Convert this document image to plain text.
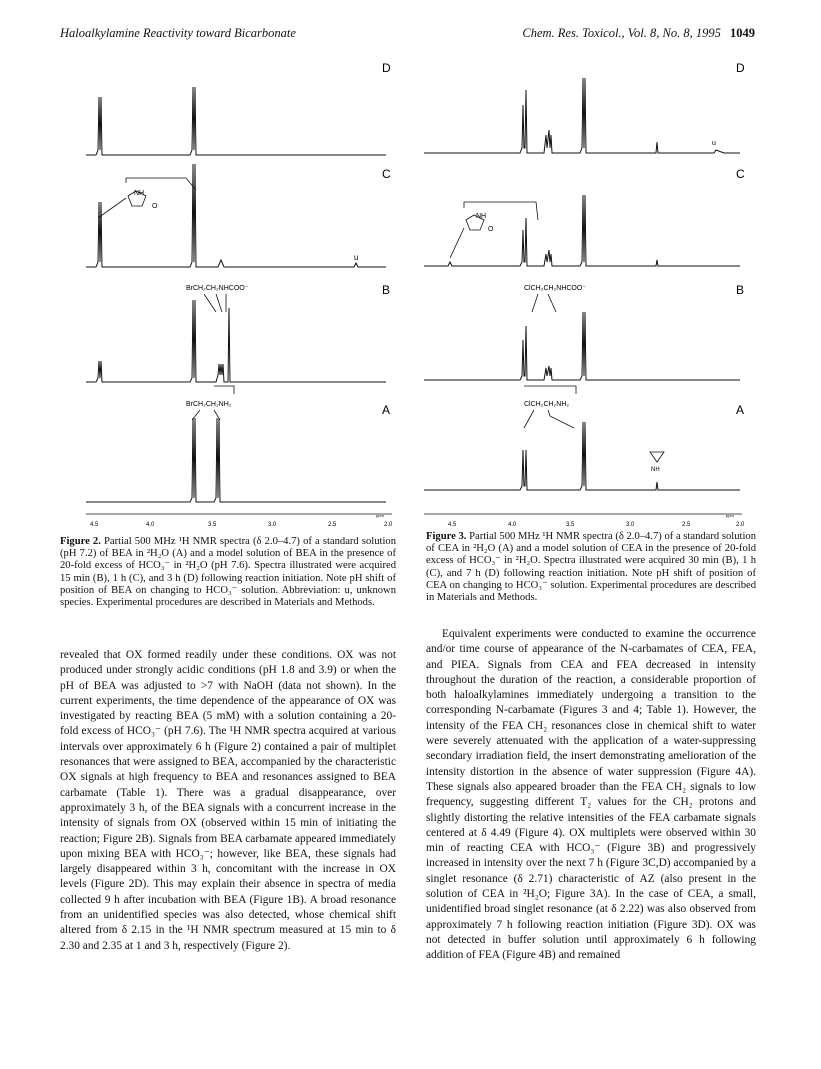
Haloalkylamine Reactivity toward Bicarbonate	Chem. Res. Toxicol., Vol. 8, No. 8, 1995 1049
D
C
B
A
u
NH
O
BrCH₂CH₂NHCOO⁻
BrCH₂CH₂NH₂
4.5	4.0	3.5	3.0	2.5	2.0
ppm
D
C
B
A
u
NH
O
ClCH₂CH₂NHCOO⁻
ClCH₂CH₂NH₂
NH
4.5	4.0	3.5	3.0	2.5	2.0
ppm
Figure 2. Partial 500 MHz ¹H NMR spectra (δ 2.0–4.7) of a standard solution (pH 7.2) of BEA in ²H₂O (A) and a model solution of BEA in the presence of 20-fold excess of HCO₃⁻ in ²H₂O (pH 7.6). Spectra illustrated were acquired 15 min (B), 1 h (C), and 3 h (D) following reaction initiation. Note pH shift of position of BEA on changing to HCO₃⁻ solution. Abbreviation: u, unknown species. Experimental procedures are described in Materials and Methods.
Figure 3. Partial 500 MHz ¹H NMR spectra (δ 2.0–4.7) of a standard solution of CEA in ²H₂O (A) and a model solution of CEA in the presence of 20-fold excess of HCO₃⁻ in ²H₂O. Spectra illustrated were acquired 30 min (B), 1 h (C), and 7 h (D) following reaction initiation. Note pH shift of position of CEA on changing to HCO₃⁻ solution. Experimental procedures are described in Materials and Methods.

revealed that OX formed readily under these conditions. OX was not produced under strongly acidic conditions (pH 1.8 and 3.9) or when the pH of BEA was adjusted to >7 with NaOH (data not shown). In the current experiments, the time dependence of the appearance of OX was investigated by reacting BEA (5 mM) with a solution containing a 20-fold excess of HCO₃⁻ (pH 7.6). The ¹H NMR spectra acquired at various intervals over approximately 6 h (Figure 2) contained a pair of multiplet resonances that were assigned to BEA, accompanied by the characteristic OX signals at high frequency to BEA and resonances assigned to BEA carbamate (Table 1). There was a gradual disappearance, over approximately 3 h, of the BEA signals with a concurrent increase in the intensity of signals from OX (observed within 15 min of initiating the reaction; Figure 2B). Signals from BEA carbamate appeared immediately upon mixing BEA with HCO₃⁻; however, like BEA, these signals had largely disappeared within 3 h, concomitant with the increase in OX levels (Figure 2D). This may explain their absence in spectra of media collected 9 h after incubation with BEA (Figure 1B). A broad resonance from an unidentified species was also detected, whose chemical shift altered from δ 2.15 in the ¹H NMR spectrum measured at 15 min to δ 2.30 and 2.35 at 1 and 3 h, respectively (Figure 2).

Equivalent experiments were conducted to examine the occurrence and/or time course of appearance of the N-carbamates of CEA, FEA, and PIEA. Signals from CEA and FEA decreased in intensity throughout the duration of the reaction, a considerable proportion of both haloalkylamines immediately undergoing a transition to the corresponding N-carbamate (Figures 3 and 4; Table 1). However, the intensity of the FEA CH₂ resonances close in chemical shift to water were severely attenuated with the application of a water-suppressing secondary irradiation field, the insert demonstrating amelioration of the intensity distortion in the absence of water suppression (Figure 4A). These signals also appeared broader than the FEA CH₂ signals to low frequency, suggesting different T₂ values for the CH₂ protons and slightly distorting the relative intensities of the FEA carbamate signals centered at δ 4.49 (Figure 4). OX multiplets were observed within 30 min of reacting CEA with HCO₃⁻ (Figure 3B) and progressively increased in intensity over the next 7 h (Figure 3C,D) accompanied by a singlet resonance (δ 2.71) characteristic of AZ (also present in the solution of CEA in ²H₂O; Figure 3A). In the case of CEA, a small, unidentified broad singlet resonance (at δ 2.22) was also observed from approximately 7 h following reaction initiation (Figure 3D). OX was not detected in buffer solution until approximately 6 h following addition of FEA (Figure 4B) and remained
